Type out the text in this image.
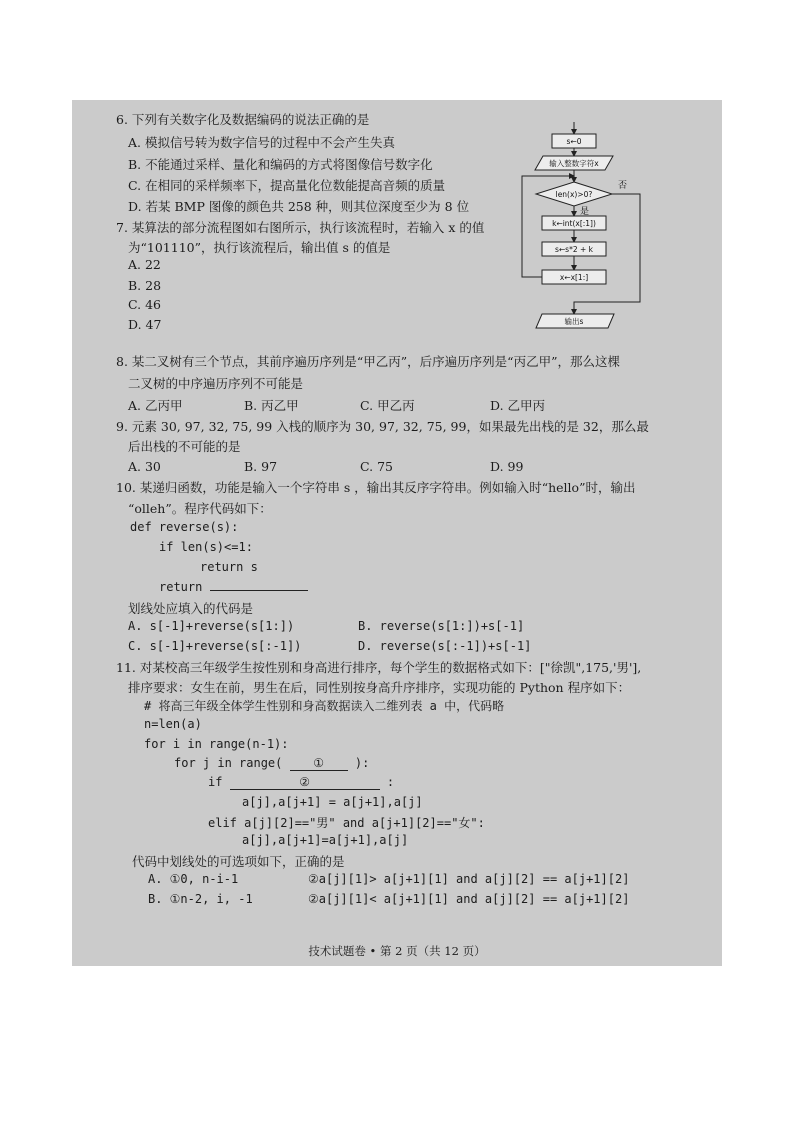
6. 下列有关数字化及数据编码的说法正确的是
A. 模拟信号转为数字信号的过程中不会产生失真
B. 不能通过采样、量化和编码的方式将图像信号数字化
C. 在相同的采样频率下，提高量化位数能提高音频的质量
D. 若某 BMP 图像的颜色共 258 种，则其位深度至少为 8 位
7. 某算法的部分流程图如右图所示，执行该流程时，若输入 x 的值
为“101110”，执行该流程后，输出值 s 的值是
A. 22
B. 28
C. 46
D. 47
s←0
输入整数字符x
len(x)>0?
k←int(x[:1])
s←s*2 + k
x←x[1:]
输出s
否
是
8. 某二叉树有三个节点，其前序遍历序列是“甲乙丙”，后序遍历序列是“丙乙甲”，那么这棵
二叉树的中序遍历序列不可能是
A. 乙丙甲	B. 丙乙甲	C. 甲乙丙	D. 乙甲丙
9. 元素 30, 97, 32, 75, 99 入栈的顺序为 30, 97, 32, 75, 99，如果最先出栈的是 32，那么最
后出栈的不可能的是
A. 30	B. 97	C. 75	D. 99
10. 某递归函数，功能是输入一个字符串 s ，输出其反序字符串。例如输入时“hello”时，输出
“olleh”。程序代码如下：
def reverse(s):
if len(s)<=1:
return s
return
划线处应填入的代码是
A. s[-1]+reverse(s[1:])	B. reverse(s[1:])+s[-1]
C. s[-1]+reverse(s[:-1])	D. reverse(s[:-1])+s[-1]
11. 对某校高三年级学生按性别和身高进行排序，每个学生的数据格式如下：["徐凯",175,'男'],
排序要求：女生在前，男生在后，同性别按身高升序排序，实现功能的 Python 程序如下：
# 将高三年级全体学生性别和身高数据读入二维列表 a 中，代码略
n=len(a)
for i in range(n-1):
for j in range(	①	):
if	②	:
a[j],a[j+1] = a[j+1],a[j]
elif a[j][2]=="男" and a[j+1][2]=="女":
a[j],a[j+1]=a[j+1],a[j]
代码中划线处的可选项如下，正确的是
A. ①0, n-i-1	②a[j][1]> a[j+1][1] and a[j][2] == a[j+1][2]
B. ①n-2, i, -1	②a[j][1]< a[j+1][1] and a[j][2] == a[j+1][2]
技术试题卷 • 第 2 页（共 12 页）
